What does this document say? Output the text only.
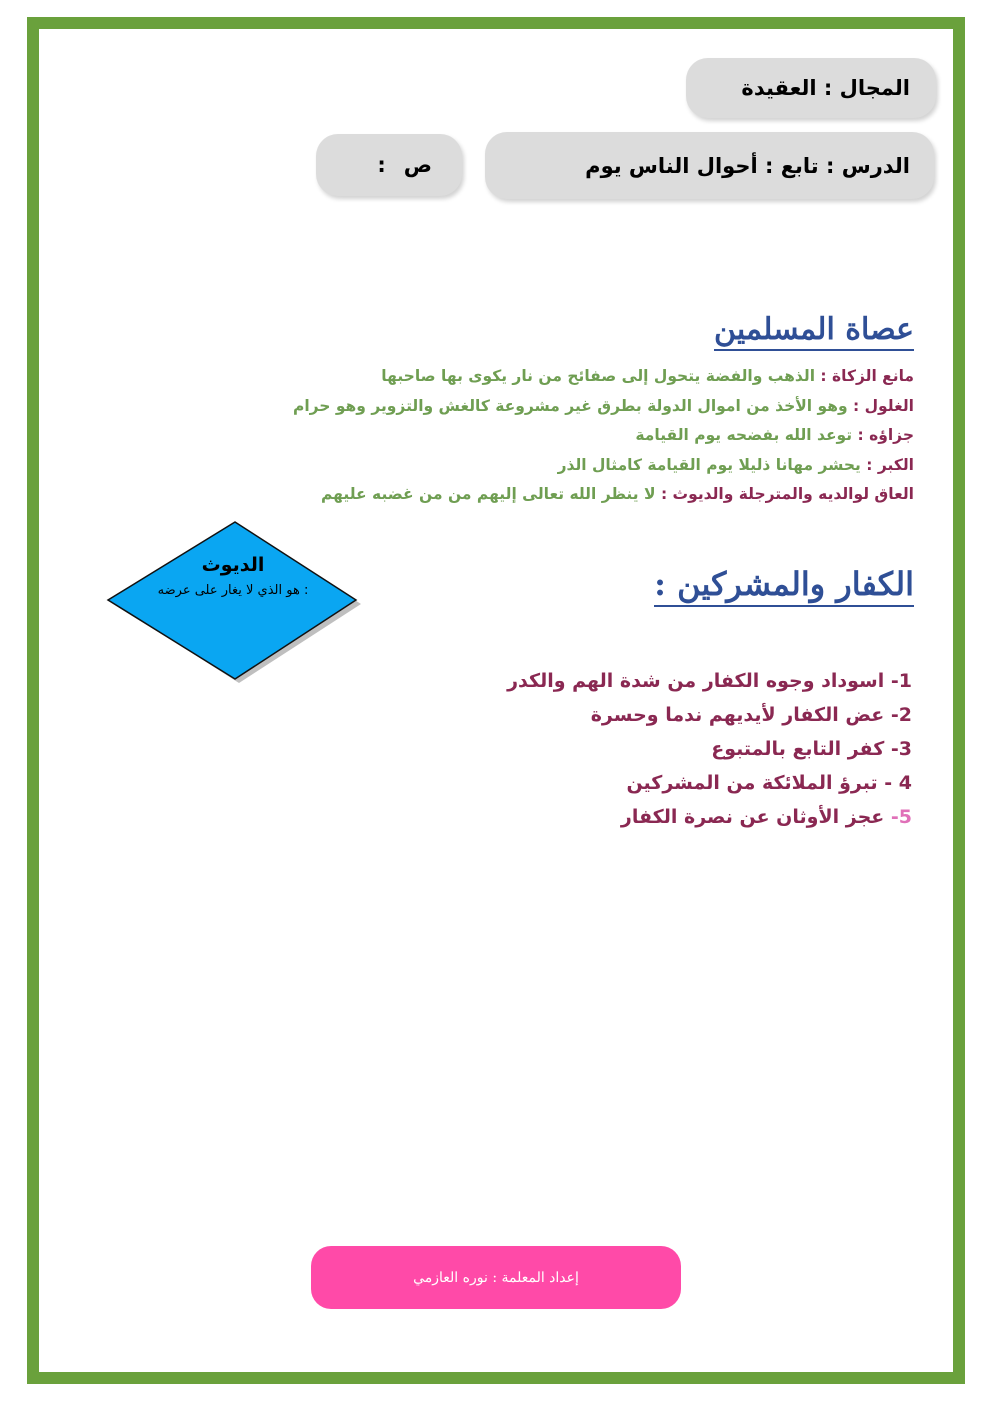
المجال : العقيدة
الدرس : تابع : أحوال الناس يوم
ص
:
عصاة المسلمين
مانع الزكاة : الذهب والفضة يتحول إلى صفائح من نار يكوى بها صاحبها
الغلول : وهو الأخذ من اموال الدولة بطرق غير مشروعة كالغش والتزوير وهو حرام
جزاؤه : توعد الله بفضحه يوم القيامة
الكبر : يحشر مهانا ذليلا يوم القيامة كامثال الذر
العاق لوالديه والمترجلة والديوث : لا ينظر الله تعالى إليهم من من غضبه عليهم
الكفار والمشركين :
1- اسوداد وجوه الكفار من شدة الهم والكدر
2- عض الكفار لأيديهم ندما وحسرة
3- كفر التابع بالمتبوع
4 - تبرؤ الملائكة من المشركين
5- عجز الأوثان عن نصرة الكفار
الديوث
: هو الذي لا يغار على عرضه
إعداد المعلمة : نوره العازمي
